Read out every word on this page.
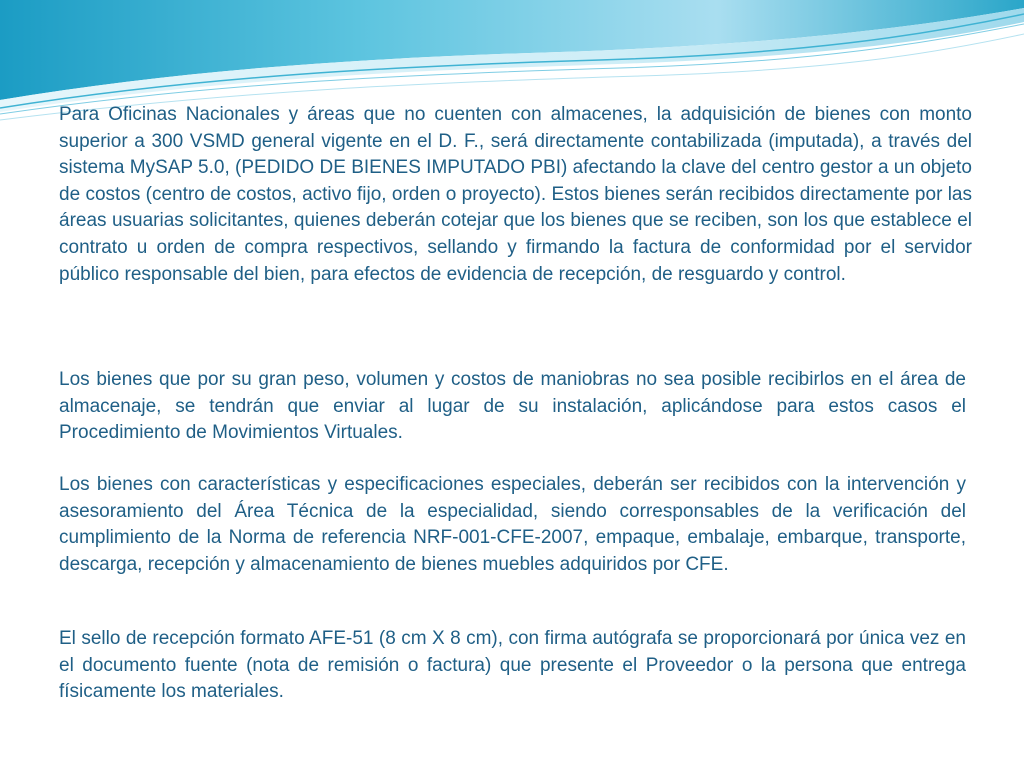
Para Oficinas Nacionales y áreas que no cuenten con almacenes, la adquisición de bienes con monto superior a 300 VSMD general vigente en el D. F., será directamente contabilizada (imputada), a través del sistema MySAP 5.0, (PEDIDO DE BIENES IMPUTADO PBI) afectando la clave del centro gestor a un objeto de costos (centro de costos, activo fijo, orden o proyecto). Estos bienes serán recibidos directamente por las áreas usuarias solicitantes, quienes deberán cotejar que los bienes que se reciben, son los que establece el contrato u orden de compra respectivos, sellando y firmando la factura de conformidad por el servidor público responsable del bien, para efectos de evidencia de recepción, de resguardo y control.

Los bienes que por su gran peso, volumen y costos de maniobras no sea posible recibirlos en el área de almacenaje, se tendrán que enviar al lugar de su instalación, aplicándose para estos casos el Procedimiento de Movimientos Virtuales.

Los bienes con características y especificaciones especiales, deberán ser recibidos con la intervención y asesoramiento del Área Técnica de la especialidad, siendo corresponsables de la verificación del cumplimiento de la Norma de referencia NRF-001-CFE-2007, empaque, embalaje, embarque, transporte, descarga, recepción y almacenamiento de bienes muebles adquiridos por CFE.

El sello de recepción formato AFE-51 (8 cm X 8 cm), con firma autógrafa se proporcionará por única vez en el documento fuente (nota de remisión o factura) que presente el Proveedor o la persona que entrega físicamente los materiales.
